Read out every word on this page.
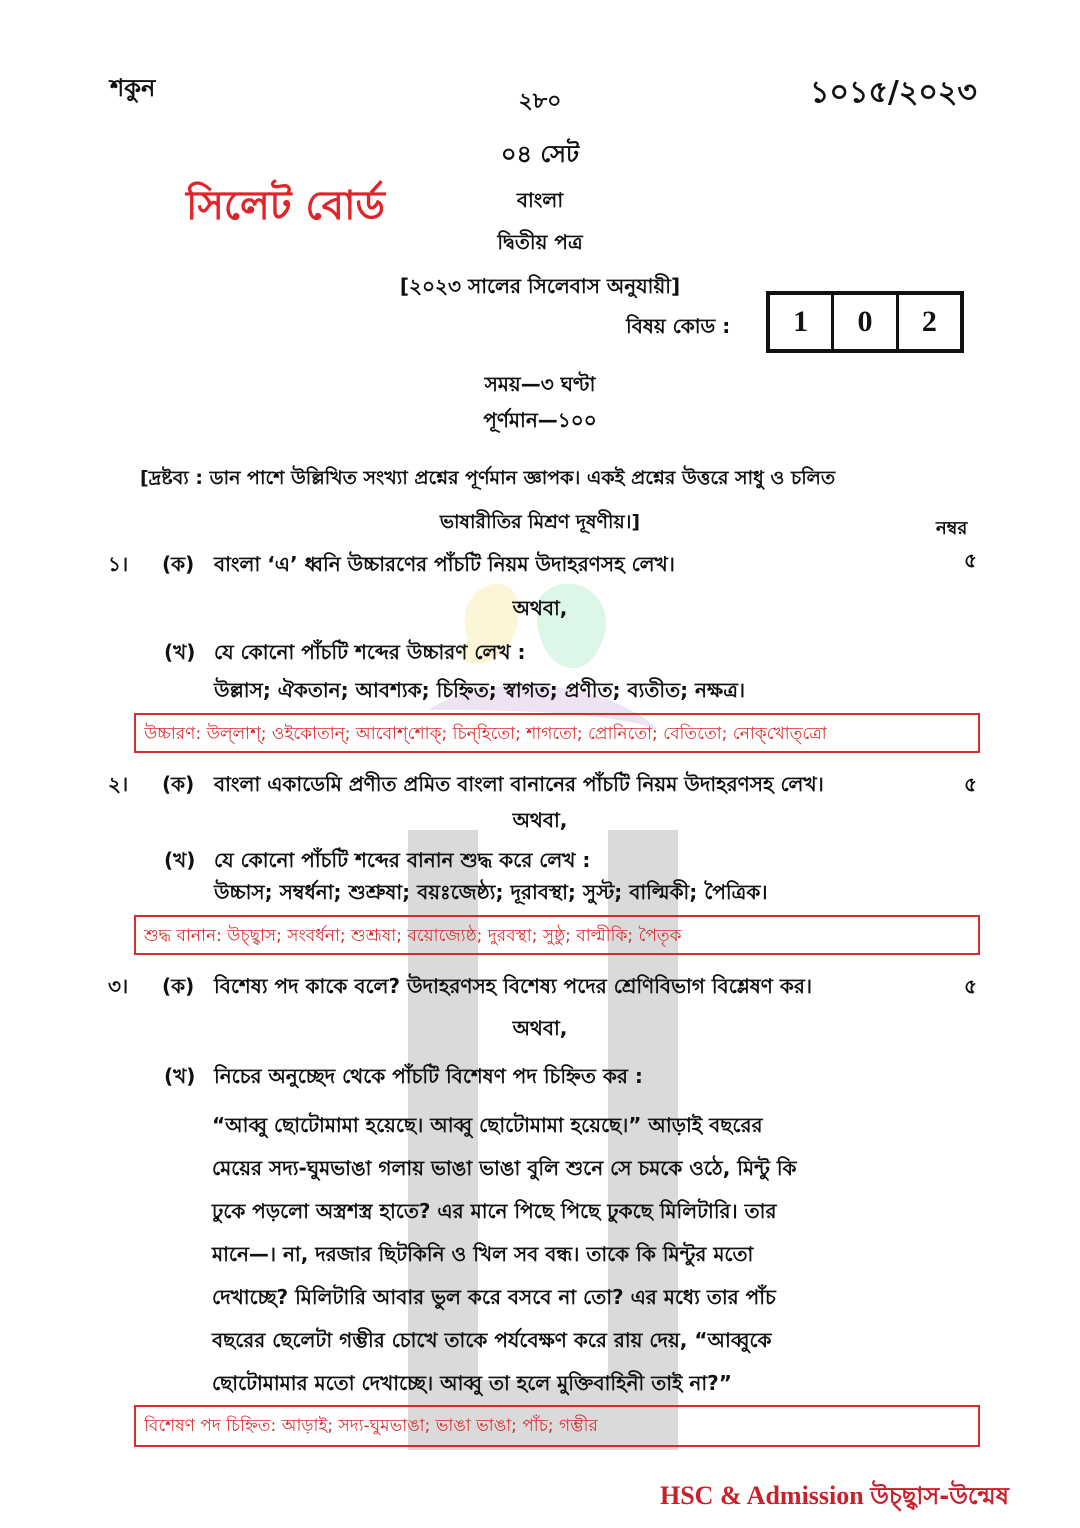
শকুন	২৮০	১০১৫/২০২৩
০৪ সেট
সিলেট বোর্ড	বাংলা
দ্বিতীয় পত্র
[২০২৩ সালের সিলেবাস অনুযায়ী]
বিষয় কোড :	1	0	2
সময়—৩ ঘণ্টা
পূর্ণমান—১০০
[দ্রষ্টব্য : ডান পাশে উল্লিখিত সংখ্যা প্রশ্নের পূর্ণমান জ্ঞাপক। একই প্রশ্নের উত্তরে সাধু ও চলিত
ভাষারীতির মিশ্রণ দূষণীয়।]	নম্বর
১। (ক) বাংলা ‘এ’ ধ্বনি উচ্চারণের পাঁচটি নিয়ম উদাহরণসহ লেখ।	৫
অথবা,
(খ) যে কোনো পাঁচটি শব্দের উচ্চারণ লেখ :
উল্লাস; ঐকতান; আবশ্যক; চিহ্নিত; স্বাগত; প্রণীত; ব্যতীত; নক্ষত্র।
উচ্চারণ: উল্‌লাশ্; ওইকোতান্; আবোশ্‌শোক্; চিন্‌হিতো; শাগতো; প্রোনিতো; বেতিতো; নোক্‌খোত্‌ত্রো
২। (ক) বাংলা একাডেমি প্রণীত প্রমিত বাংলা বানানের পাঁচটি নিয়ম উদাহরণসহ লেখ।	৫
অথবা,
(খ) যে কোনো পাঁচটি শব্দের বানান শুদ্ধ করে লেখ :
উচ্চাস; সম্বর্ধনা; শুশ্রুষা; বয়ঃজেষ্ঠ্য; দূরাবস্থা; সুস্ট; বাল্মিকী; পৈত্রিক।
শুদ্ধ বানান: উচ্ছ্বাস; সংবর্ধনা; শুশ্রূষা; বয়োজ্যেষ্ঠ; দুরবস্থা; সুষ্ঠু; বাল্মীকি; পৈতৃক
৩। (ক) বিশেষ্য পদ কাকে বলে? উদাহরণসহ বিশেষ্য পদের শ্রেণিবিভাগ বিশ্লেষণ কর।	৫
অথবা,
(খ) নিচের অনুচ্ছেদ থেকে পাঁচটি বিশেষণ পদ চিহ্নিত কর :
“আব্বু ছোটোমামা হয়েছে। আব্বু ছোটোমামা হয়েছে।” আড়াই বছরের
মেয়ের সদ্য-ঘুমভাঙা গলায় ভাঙা ভাঙা বুলি শুনে সে চমকে ওঠে, মিন্টু কি
ঢুকে পড়লো অস্ত্রশস্ত্র হাতে? এর মানে পিছে পিছে ঢুকছে মিলিটারি। তার
মানে—। না, দরজার ছিটকিনি ও খিল সব বন্ধ। তাকে কি মিন্টুর মতো
দেখাচ্ছে? মিলিটারি আবার ভুল করে বসবে না তো? এর মধ্যে তার পাঁচ
বছরের ছেলেটা গম্ভীর চোখে তাকে পর্যবেক্ষণ করে রায় দেয়, “আব্বুকে
ছোটোমামার মতো দেখাচ্ছে। আব্বু তা হলে মুক্তিবাহিনী তাই না?”
বিশেষণ পদ চিহ্নিত: আড়াই; সদ্য-ঘুমভাঙা; ভাঙা ভাঙা; পাঁচ; গম্ভীর
HSC & Admission উচ্ছ্বাস-উন্মেষ
